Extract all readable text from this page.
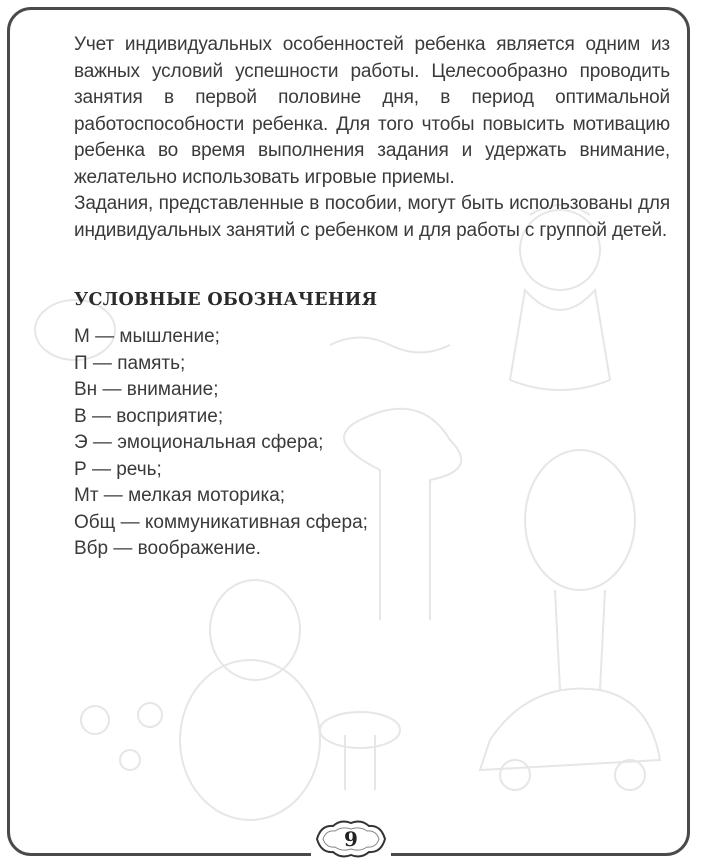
Учет индивидуальных особенностей ребенка является одним из важных условий успешности работы. Целесообразно проводить занятия в первой половине дня, в период оптимальной работоспособности ребенка. Для того чтобы повысить мотивацию ребенка во время выполнения задания и удержать внимание, желательно использовать игровые приемы.

Задания, представленные в пособии, могут быть использованы для индивидуальных занятий с ребенком и для работы с группой детей.

УСЛОВНЫЕ ОБОЗНАЧЕНИЯ
М — мышление;
П — память;
Вн — внимание;
В — восприятие;
Э — эмоциональная сфера;
Р — речь;
Мт — мелкая моторика;
Общ — коммуникативная сфера;
Вбр — воображение.
9
